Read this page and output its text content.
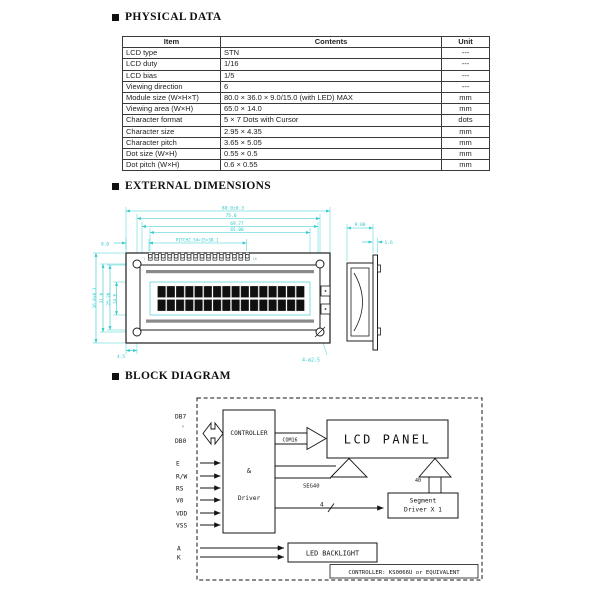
PHYSICAL DATA
Item	Contents	Unit
LCD type	STN	---
LCD duty	1/16	---
LCD bias	1/5	---
Viewing direction	6	---
Module size (W×H×T)	80.0 × 36.0 × 9.0/15.0 (with LED) MAX	mm
Viewing area (W×H)	65.0 × 14.0	mm
Character format	5 × 7 Dots with Cursor	dots
Character size	2.95 × 4.35	mm
Character pitch	3.65 × 5.05	mm
Dot size (W×H)	0.55 × 0.5	mm
Dot pitch (W×H)	0.6 × 0.55	mm
EXTERNAL DIMENSIONS
80.0±0.3
75.0
69.77
65.00
PITCH2.54×15=38.1
8.0
36.0±0.3 31.0 25.20 14.0
4.5	4-ø2.5
9.00
1.6
1	16
BLOCK DIAGRAM
DB7
'
DB0
E
R/W
RS
V0
VDD
VSS
A
K
CONTROLLER
&
Driver
LCD PANEL
COM16
SEG40
40
4
Segment
Driver X 1
LED BACKLIGHT
CONTROLLER: KS0066U or EQUIVALENT
